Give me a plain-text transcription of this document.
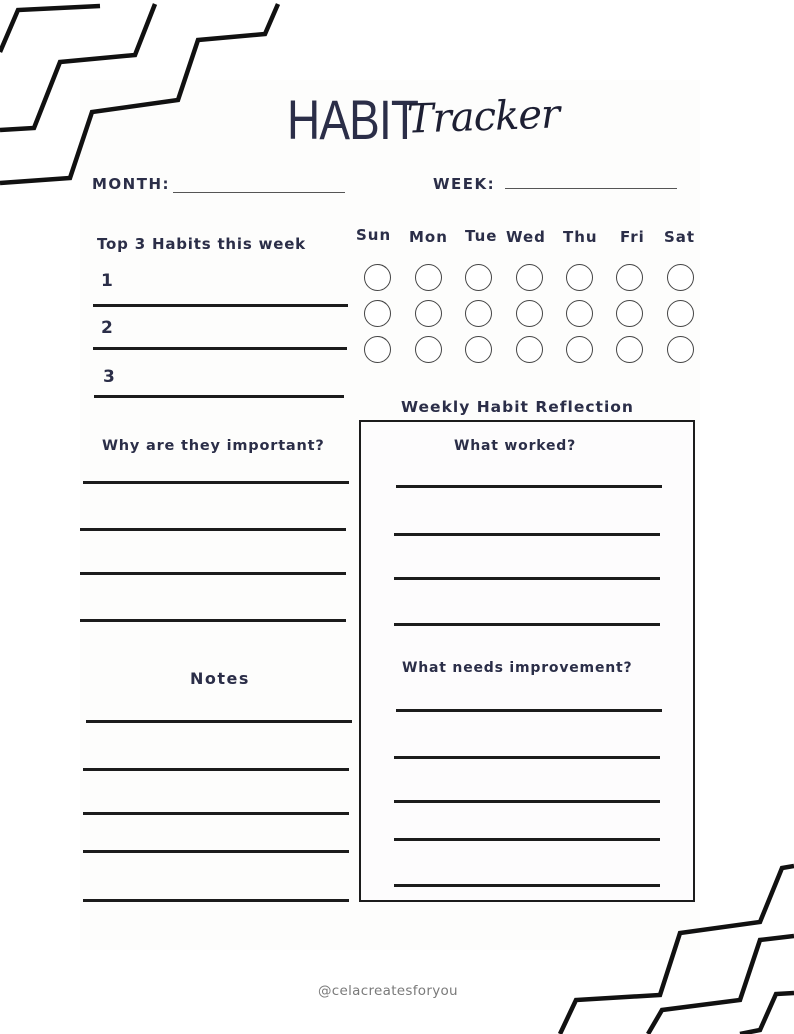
HABIT
Tracker
MONTH:	WEEK:
Top 3 Habits this week
1
2
3
Sun Mon Tue Wed Thu Fri Sat
Weekly Habit Reflection
What worked?
What needs improvement?
Why are they important?
Notes
@celacreatesforyou
